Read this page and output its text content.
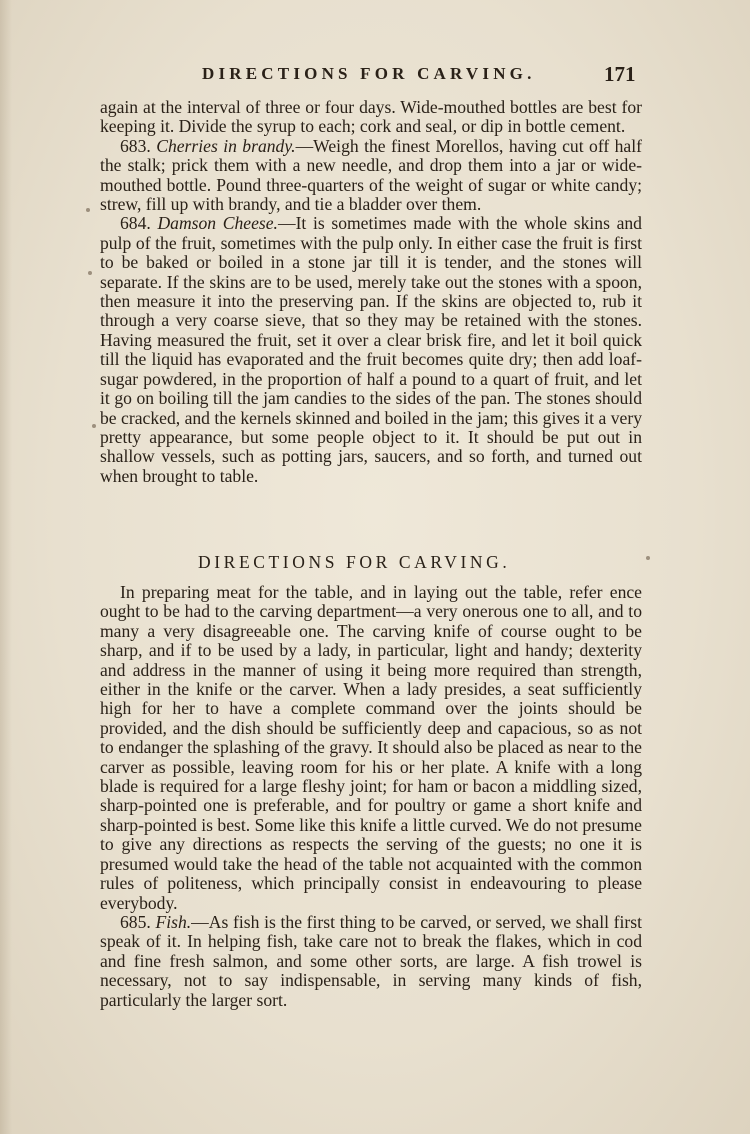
DIRECTIONS FOR CARVING.	171

again at the interval of three or four days. Wide-mouthed bottles are best for keeping it. Divide the syrup to each; cork and seal, or dip in bottle cement.

683. Cherries in brandy.—Weigh the finest Morellos, having cut off half the stalk; prick them with a new needle, and drop them into a jar or wide-mouthed bottle. Pound three-quarters of the weight of sugar or white candy; strew, fill up with brandy, and tie a bladder over them.

684. Damson Cheese.—It is sometimes made with the whole skins and pulp of the fruit, sometimes with the pulp only. In either case the fruit is first to be baked or boiled in a stone jar till it is tender, and the stones will separate. If the skins are to be used, merely take out the stones with a spoon, then measure it into the preserving pan. If the skins are objected to, rub it through a very coarse sieve, that so they may be retained with the stones. Having measured the fruit, set it over a clear brisk fire, and let it boil quick till the liquid has evaporated and the fruit becomes quite dry; then add loaf-sugar powdered, in the proportion of half a pound to a quart of fruit, and let it go on boiling till the jam candies to the sides of the pan. The stones should be cracked, and the kernels skinned and boiled in the jam; this gives it a very pretty appearance, but some people object to it. It should be put out in shallow vessels, such as potting jars, saucers, and so forth, and turned out when brought to table.

DIRECTIONS FOR CARVING.

In preparing meat for the table, and in laying out the table, refer ence ought to be had to the carving department—a very onerous one to all, and to many a very disagreeable one. The carving knife of course ought to be sharp, and if to be used by a lady, in particular, light and handy; dexterity and address in the manner of using it being more required than strength, either in the knife or the carver. When a lady presides, a seat sufficiently high for her to have a complete command over the joints should be provided, and the dish should be sufficiently deep and capacious, so as not to endanger the splashing of the gravy. It should also be placed as near to the carver as possible, leaving room for his or her plate. A knife with a long blade is required for a large fleshy joint; for ham or bacon a middling sized, sharp-pointed one is preferable, and for poultry or game a short knife and sharp-pointed is best. Some like this knife a little curved. We do not presume to give any directions as respects the serving of the guests; no one it is presumed would take the head of the table not acquainted with the common rules of politeness, which principally consist in endeavouring to please everybody.

685. Fish.—As fish is the first thing to be carved, or served, we shall first speak of it. In helping fish, take care not to break the flakes, which in cod and fine fresh salmon, and some other sorts, are large. A fish trowel is necessary, not to say indispensable, in serving many kinds of fish, particularly the larger sort.
